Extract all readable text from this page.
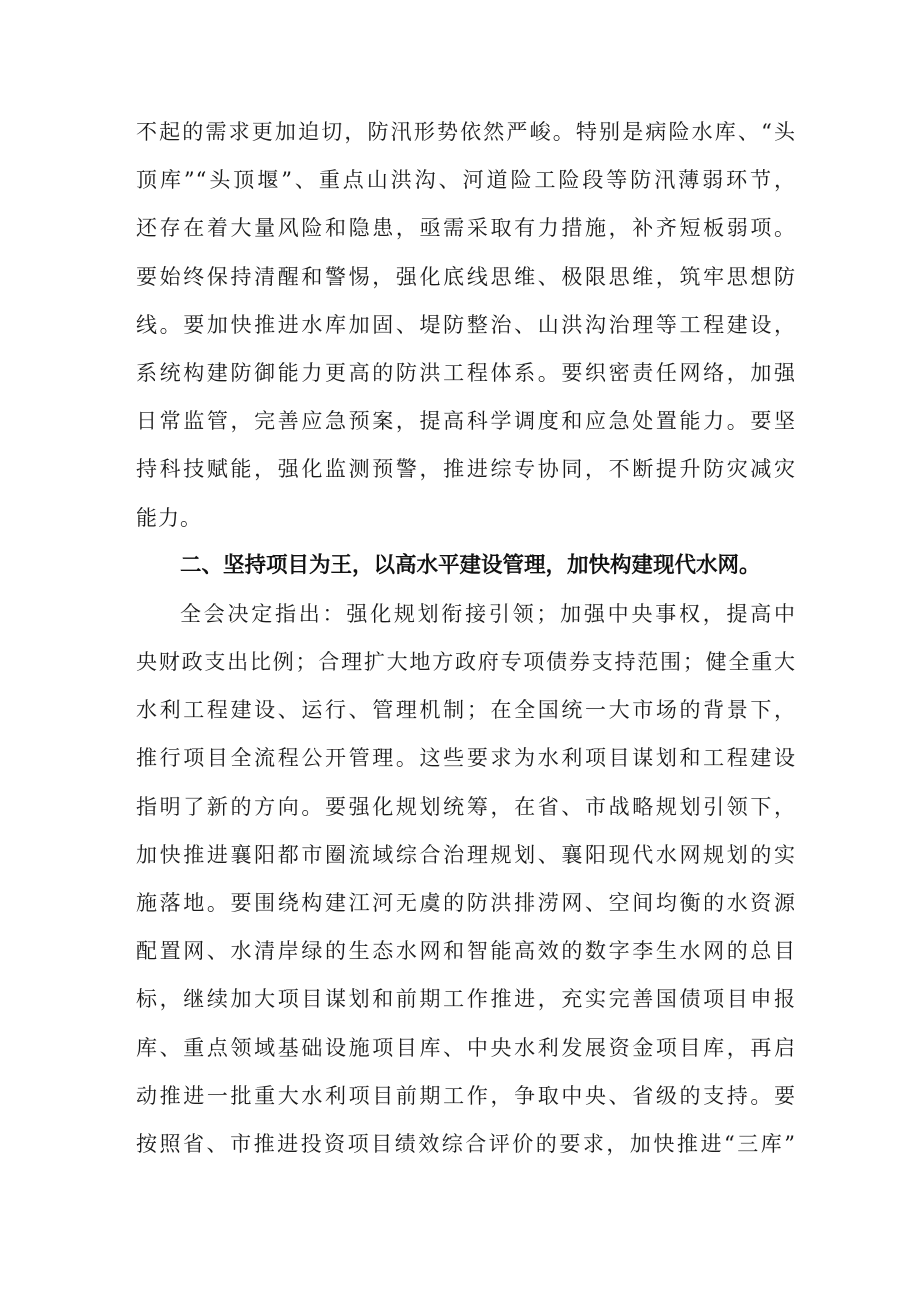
不起的需求更加迫切，防汛形势依然严峻。特别是病险水库、“头
顶库”“头顶堰”、重点山洪沟、河道险工险段等防汛薄弱环节，
还存在着大量风险和隐患，亟需采取有力措施，补齐短板弱项。
要始终保持清醒和警惕，强化底线思维、极限思维，筑牢思想防
线。要加快推进水库加固、堤防整治、山洪沟治理等工程建设，
系统构建防御能力更高的防洪工程体系。要织密责任网络，加强
日常监管，完善应急预案，提高科学调度和应急处置能力。要坚
持科技赋能，强化监测预警，推进综专协同，不断提升防灾减灾
能力。
二、坚持项目为王，以高水平建设管理，加快构建现代水网。
全会决定指出：强化规划衔接引领；加强中央事权，提高中
央财政支出比例；合理扩大地方政府专项债券支持范围；健全重大
水利工程建设、运行、管理机制；在全国统一大市场的背景下，
推行项目全流程公开管理。这些要求为水利项目谋划和工程建设
指明了新的方向。要强化规划统筹，在省、市战略规划引领下，
加快推进襄阳都市圈流域综合治理规划、襄阳现代水网规划的实
施落地。要围绕构建江河无虞的防洪排涝网、空间均衡的水资源
配置网、水清岸绿的生态水网和智能高效的数字李生水网的总目
标，继续加大项目谋划和前期工作推进，充实完善国债项目申报
库、重点领域基础设施项目库、中央水利发展资金项目库，再启
动推进一批重大水利项目前期工作，争取中央、省级的支持。要
按照省、市推进投资项目绩效综合评价的要求，加快推进“三库”
